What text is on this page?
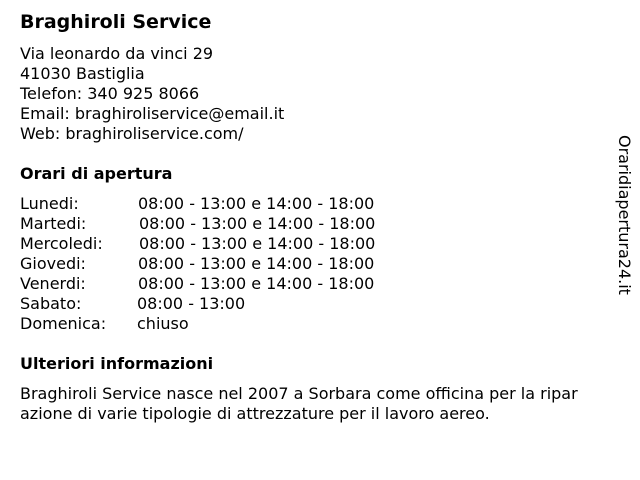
Braghiroli Service
Via leonardo da vinci 29
41030 Bastiglia
Telefon: 340 925 8066
Email: braghiroliservice@email.it
Web: braghiroliservice.com/
Orari di apertura
Lunedi:	08:00 - 13:00 e 14:00 - 18:00
Martedi:	08:00 - 13:00 e 14:00 - 18:00
Mercoledi: 08:00 - 13:00 e 14:00 - 18:00
Giovedi:	08:00 - 13:00 e 14:00 - 18:00
Venerdi:	08:00 - 13:00 e 14:00 - 18:00
Sabato:	08:00 - 13:00
Domenica: chiuso
Ulteriori informazioni
Braghiroli Service nasce nel 2007 a Sorbara come officina per la riparazione di varie tipologie di attrezzature per il lavoro aereo.
Oraridiapertura24.it
